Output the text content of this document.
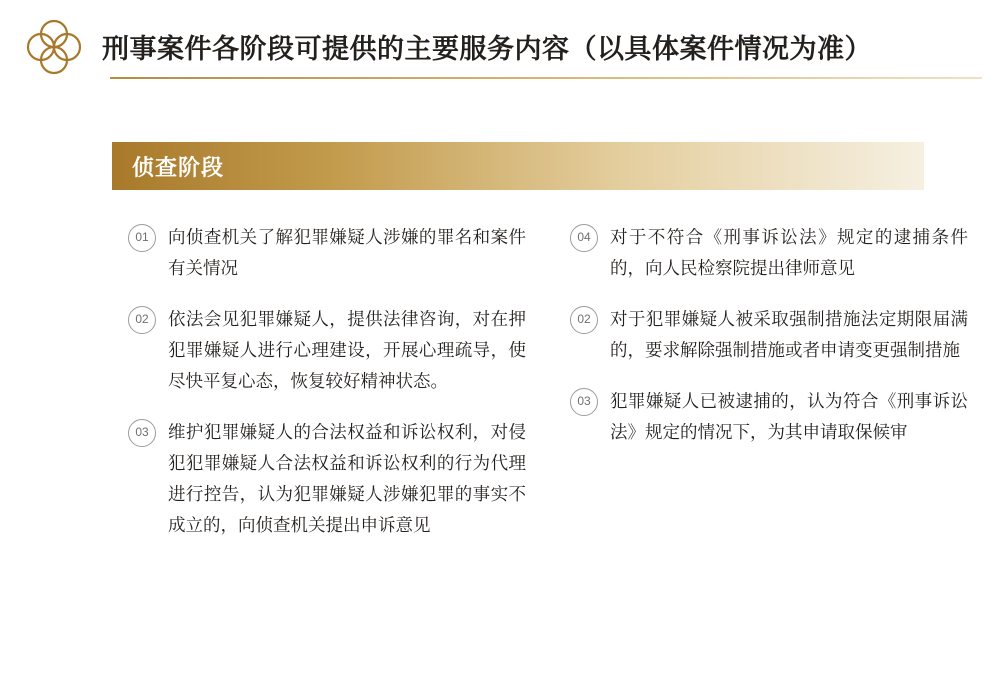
刑事案件各阶段可提供的主要服务内容（以具体案件情况为准）
侦查阶段
01	向侦查机关了解犯罪嫌疑人涉嫌的罪名和案件有关情况
02	依法会见犯罪嫌疑人，提供法律咨询，对在押犯罪嫌疑人进行心理建设，开展心理疏导，使尽快平复心态，恢复较好精神状态。
03	维护犯罪嫌疑人的合法权益和诉讼权利，对侵犯犯罪嫌疑人合法权益和诉讼权利的行为代理进行控告，认为犯罪嫌疑人涉嫌犯罪的事实不成立的，向侦查机关提出申诉意见
04	对于不符合《刑事诉讼法》规定的逮捕条件的，向人民检察院提出律师意见
02	对于犯罪嫌疑人被采取强制措施法定期限届满的，要求解除强制措施或者申请变更强制措施
03	犯罪嫌疑人已被逮捕的，认为符合《刑事诉讼法》规定的情况下，为其申请取保候审
